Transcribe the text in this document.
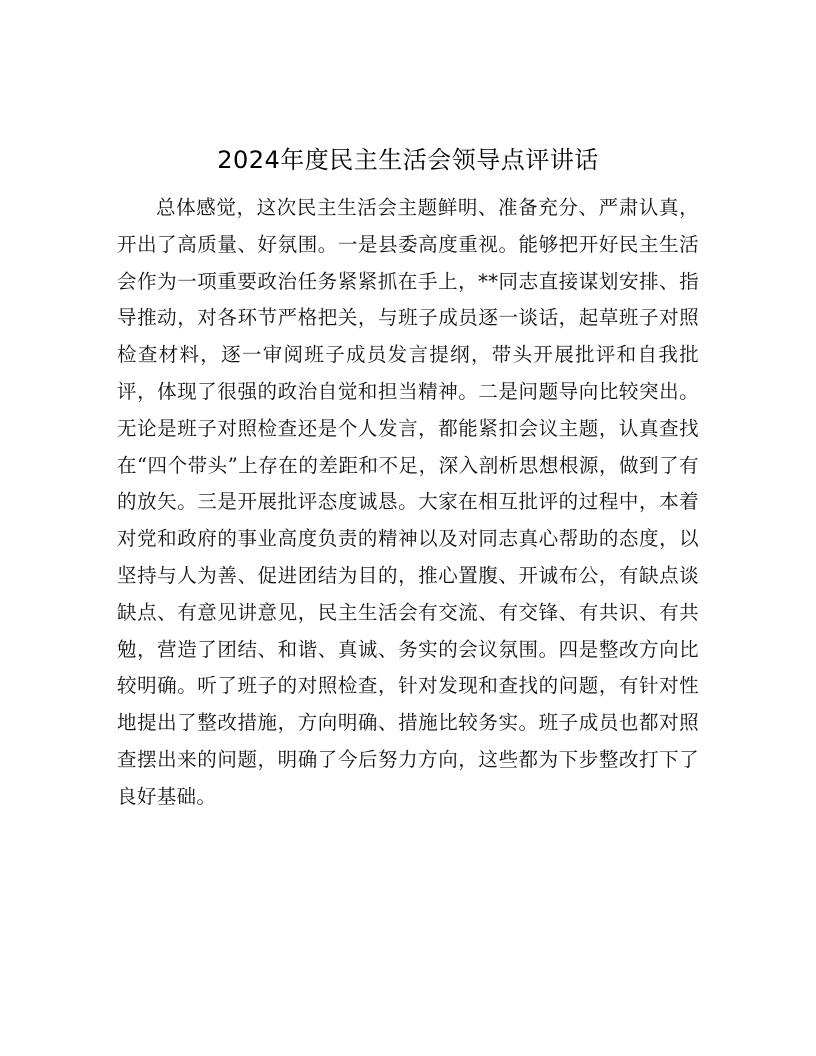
2024年度民主生活会领导点评讲话

总体感觉，这次民主生活会主题鲜明、准备充分、严肃认真，开出了高质量、好氛围。一是县委高度重视。能够把开好民主生活会作为一项重要政治任务紧紧抓在手上，**同志直接谋划安排、指导推动，对各环节严格把关，与班子成员逐一谈话，起草班子对照检查材料，逐一审阅班子成员发言提纲，带头开展批评和自我批评，体现了很强的政治自觉和担当精神。二是问题导向比较突出。无论是班子对照检查还是个人发言，都能紧扣会议主题，认真查找在“四个带头”上存在的差距和不足，深入剖析思想根源，做到了有的放矢。三是开展批评态度诚恳。大家在相互批评的过程中，本着对党和政府的事业高度负责的精神以及对同志真心帮助的态度，以坚持与人为善、促进团结为目的，推心置腹、开诚布公，有缺点谈缺点、有意见讲意见，民主生活会有交流、有交锋、有共识、有共勉，营造了团结、和谐、真诚、务实的会议氛围。四是整改方向比较明确。听了班子的对照检查，针对发现和查找的问题，有针对性地提出了整改措施，方向明确、措施比较务实。班子成员也都对照查摆出来的问题，明确了今后努力方向，这些都为下步整改打下了良好基础。
